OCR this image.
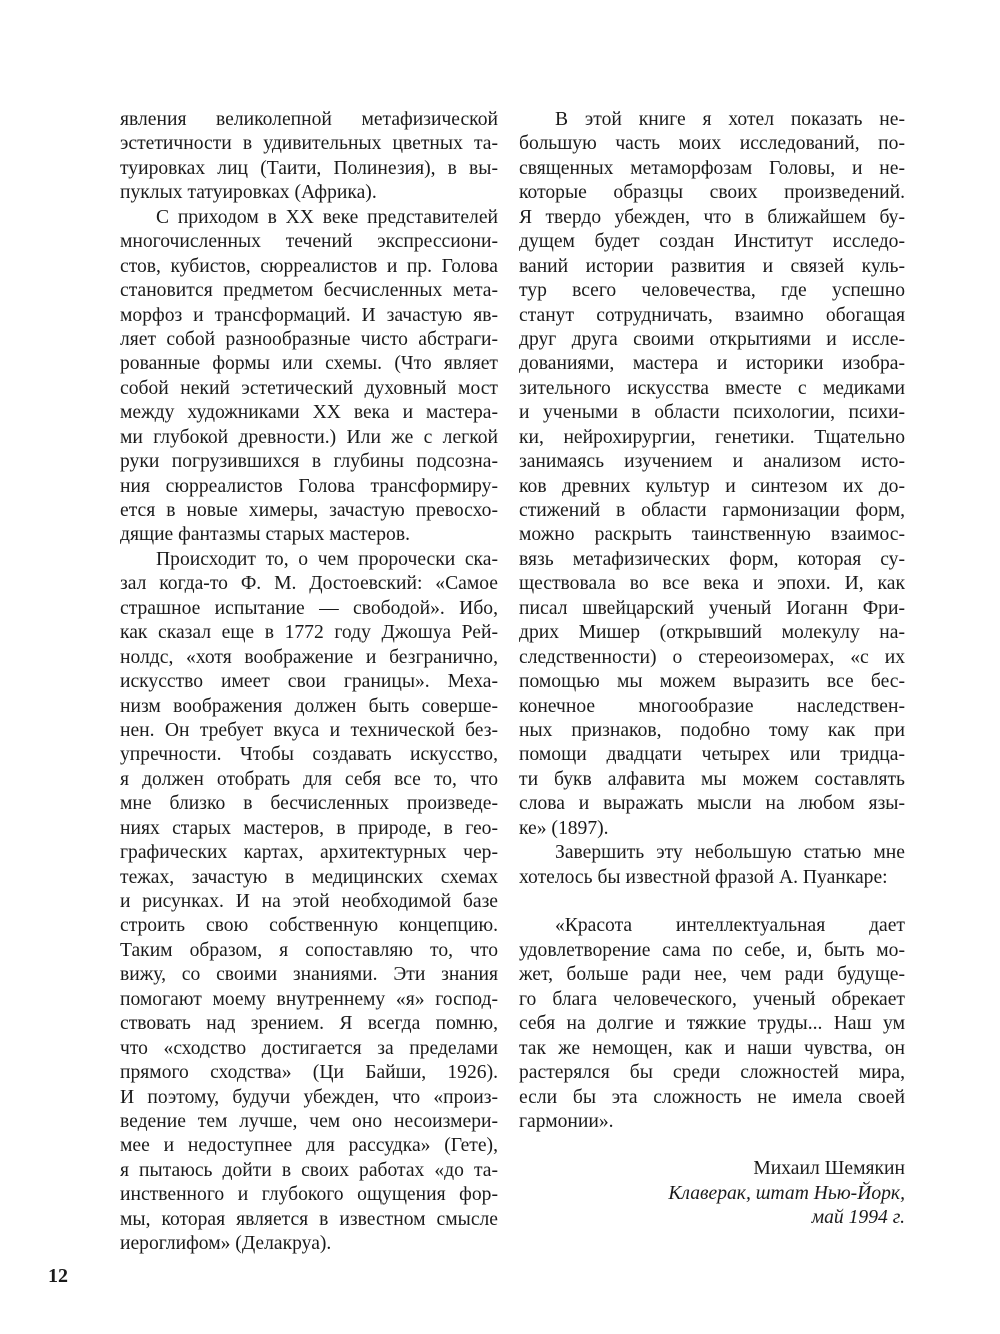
явления великолепной метафизической
эстетичности в удивительных цветных та-
туировках лиц (Таити, Полинезия), в вы-
пуклых татуировках (Африка).
С приходом в XX веке представителей
многочисленных течений экспрессиони-
стов, кубистов, сюрреалистов и пр. Голова
становится предметом бесчисленных мета-
морфоз и трансформаций. И зачастую яв-
ляет собой разнообразные чисто абстраги-
рованные формы или схемы. (Что являет
собой некий эстетический духовный мост
между художниками XX века и мастера-
ми глубокой древности.) Или же с легкой
руки погрузившихся в глубины подсозна-
ния сюрреалистов Голова трансформиру-
ется в новые химеры, зачастую превосхо-
дящие фантазмы старых мастеров.
Происходит то, о чем пророчески ска-
зал когда-то Ф. М. Достоевский: «Самое
страшное испытание — свободой». Ибо,
как сказал еще в 1772 году Джошуа Рей-
нолдс, «хотя воображение и безгранично,
искусство имеет свои границы». Меха-
низм воображения должен быть соверше-
нен. Он требует вкуса и технической без-
упречности. Чтобы создавать искусство,
я должен отобрать для себя все то, что
мне близко в бесчисленных произведе-
ниях старых мастеров, в природе, в гео-
графических картах, архитектурных чер-
тежах, зачастую в медицинских схемах
и рисунках. И на этой необходимой базе
строить свою собственную концепцию.
Таким образом, я сопоставляю то, что
вижу, со своими знаниями. Эти знания
помогают моему внутреннему «я» господ-
ствовать над зрением. Я всегда помню,
что «сходство достигается за пределами
прямого сходства» (Ци Байши, 1926).
И поэтому, будучи убежден, что «произ-
ведение тем лучше, чем оно несоизмери-
мее и недоступнее для рассудка» (Гете),
я пытаюсь дойти в своих работах «до та-
инственного и глубокого ощущения фор-
мы, которая является в известном смысле
иероглифом» (Делакруа).
В этой книге я хотел показать не-
большую часть моих исследований, по-
священных метаморфозам Головы, и не-
которые образцы своих произведений.
Я твердо убежден, что в ближайшем бу-
дущем будет создан Институт исследо-
ваний истории развития и связей куль-
тур всего человечества, где успешно
станут сотрудничать, взаимно обогащая
друг друга своими открытиями и иссле-
дованиями, мастера и историки изобра-
зительного искусства вместе с медиками
и учеными в области психологии, психи-
ки, нейрохирургии, генетики. Тщательно
занимаясь изучением и анализом исто-
ков древних культур и синтезом их до-
стижений в области гармонизации форм,
можно раскрыть таинственную взаимос-
вязь метафизических форм, которая су-
ществовала во все века и эпохи. И, как
писал швейцарский ученый Иоганн Фри-
дрих Мишер (открывший молекулу на-
следственности) о стереоизомерах, «с их
помощью мы можем выразить все бес-
конечное многообразие наследствен-
ных признаков, подобно тому как при
помощи двадцати четырех или тридца-
ти букв алфавита мы можем составлять
слова и выражать мысли на любом язы-
ке» (1897).
Завершить эту небольшую статью мне
хотелось бы известной фразой А. Пуанкаре:
«Красота интеллектуальная дает
удовлетворение сама по себе, и, быть мо-
жет, больше ради нее, чем ради будуще-
го блага человеческого, ученый обрекает
себя на долгие и тяжкие труды... Наш ум
так же немощен, как и наши чувства, он
растерялся бы среди сложностей мира,
если бы эта сложность не имела своей
гармонии».
Михаил Шемякин
Клаверак, штат Нью-Йорк,
май 1994 г.
12
